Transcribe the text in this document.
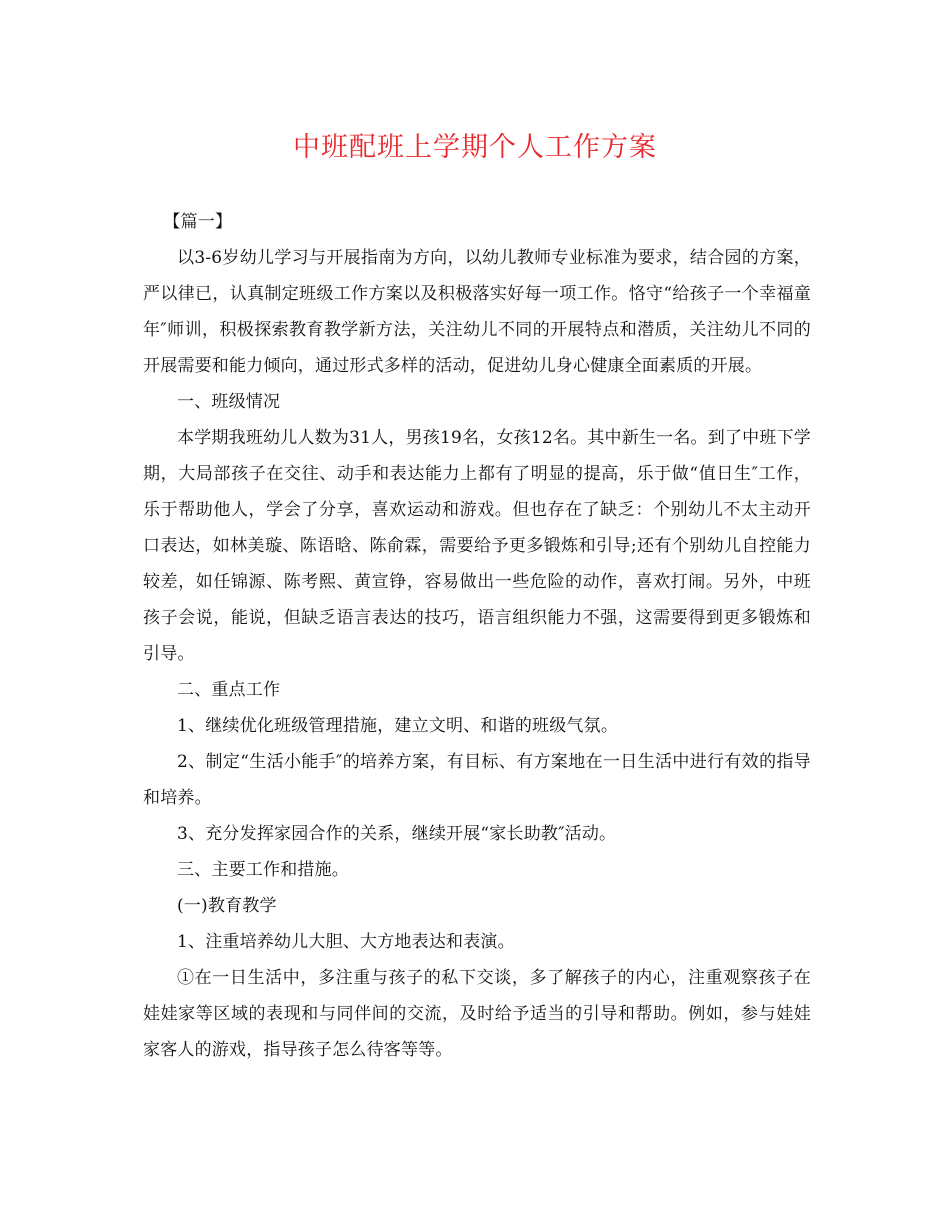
中班配班上学期个人工作方案

【篇一】

以3-6岁幼儿学习与开展指南为方向，以幼儿教师专业标准为要求，结合园的方案，严以律已，认真制定班级工作方案以及积极落实好每一项工作。恪守“给孩子一个幸福童年″师训，积极探索教育教学新方法，关注幼儿不同的开展特点和潜质，关注幼儿不同的开展需要和能力倾向，通过形式多样的活动，促进幼儿身心健康全面素质的开展。

一、班级情况

本学期我班幼儿人数为31人，男孩19名，女孩12名。其中新生一名。到了中班下学期，大局部孩子在交往、动手和表达能力上都有了明显的提高，乐于做“值日生″工作，乐于帮助他人，学会了分享，喜欢运动和游戏。但也存在了缺乏：个别幼儿不太主动开口表达，如林美璇、陈语晗、陈俞霖，需要给予更多锻炼和引导;还有个别幼儿自控能力较差，如任锦源、陈考熙、黄宣铮，容易做出一些危险的动作，喜欢打闹。另外，中班孩子会说，能说，但缺乏语言表达的技巧，语言组织能力不强，这需要得到更多锻炼和引导。

二、重点工作

1、继续优化班级管理措施，建立文明、和谐的班级气氛。

2、制定“生活小能手″的培养方案，有目标、有方案地在一日生活中进行有效的指导和培养。

3、充分发挥家园合作的关系，继续开展“家长助教″活动。

三、主要工作和措施。

(一)教育教学

1、注重培养幼儿大胆、大方地表达和表演。

①在一日生活中，多注重与孩子的私下交谈，多了解孩子的内心，注重观察孩子在娃娃家等区域的表现和与同伴间的交流，及时给予适当的引导和帮助。例如，参与娃娃家客人的游戏，指导孩子怎么待客等等。
